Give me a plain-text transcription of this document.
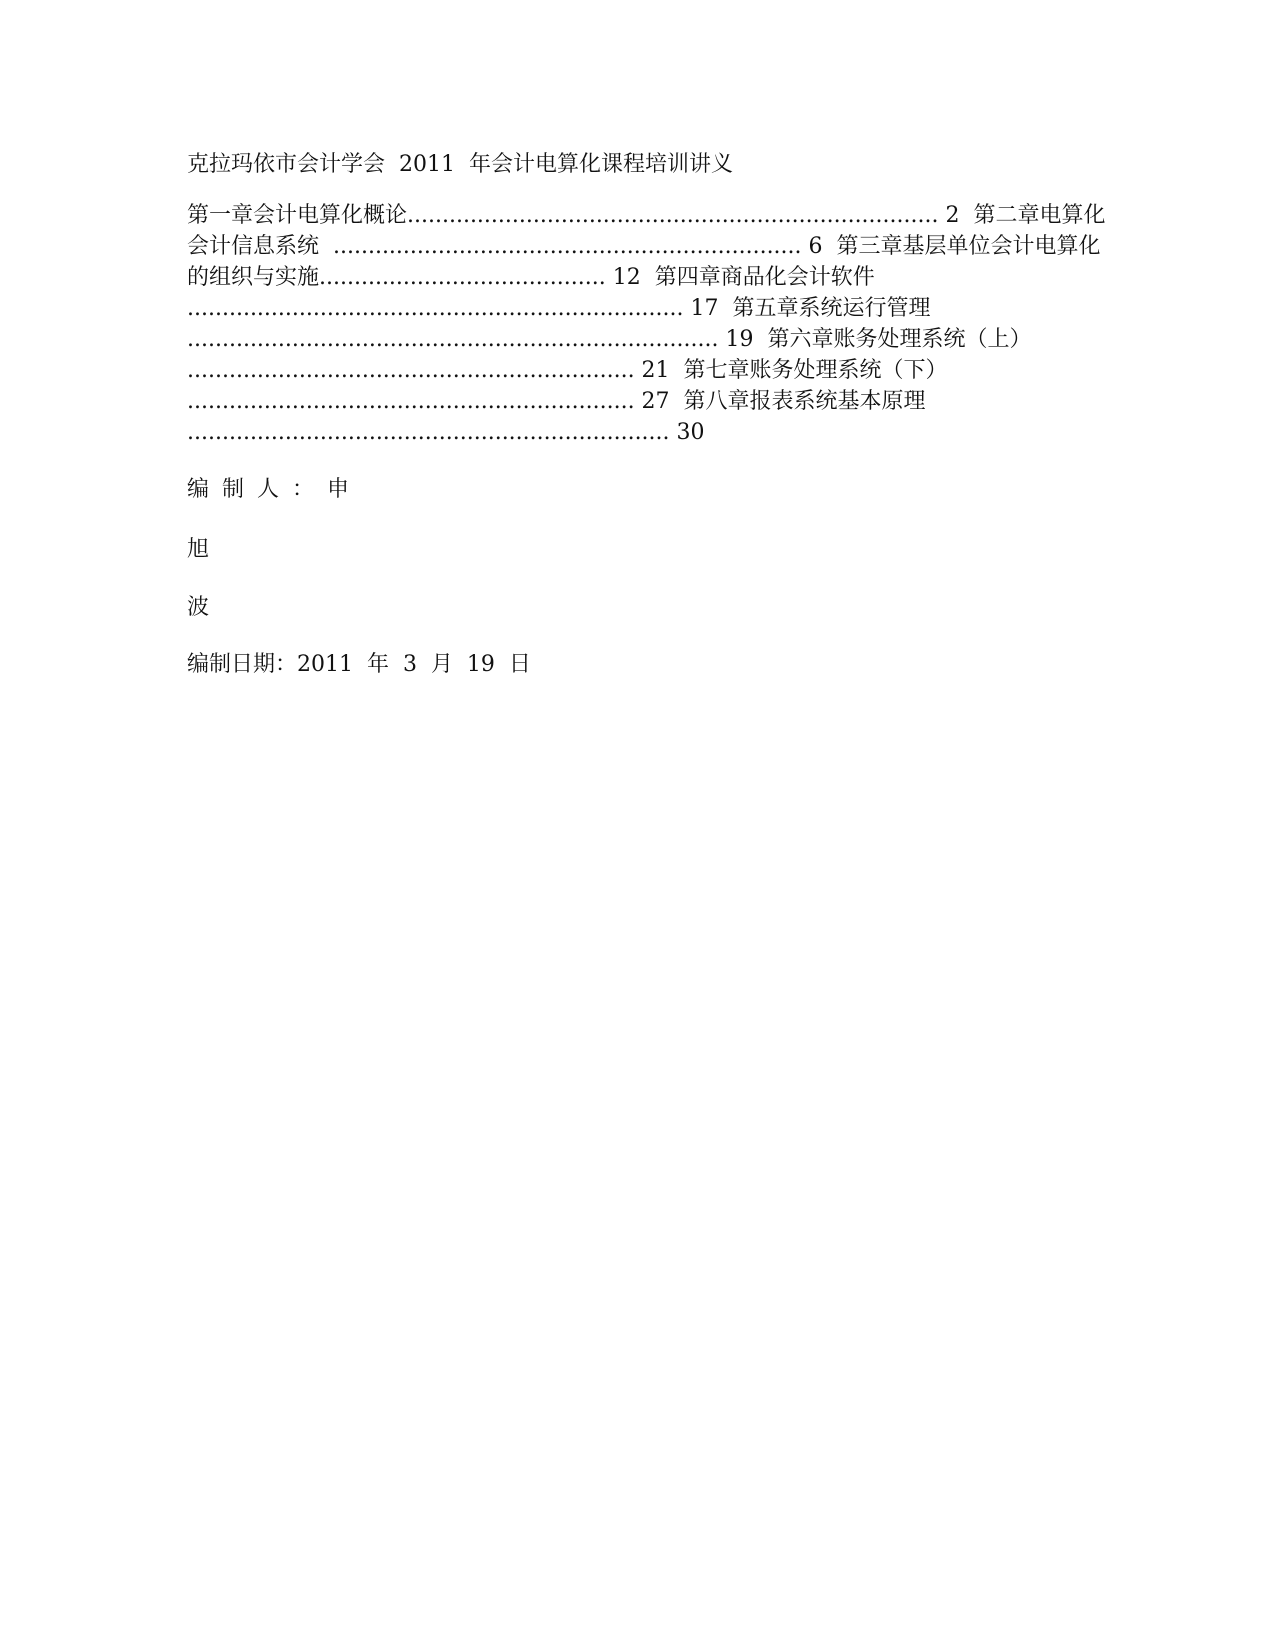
克拉玛依市会计学会  2011  年会计电算化课程培训讲义
第一章会计电算化概论............................................................................ 2  第二章电算化
会计信息系统  ................................................................... 6  第三章基层单位会计电算化
的组织与实施......................................... 12  第四章商品化会计软件
....................................................................... 17  第五章系统运行管理
............................................................................ 19  第六章账务处理系统（上）
................................................................ 21  第七章账务处理系统（下）
................................................................ 27  第八章报表系统基本原理
..................................................................... 30
编制人：申
旭
波
编制日期：2011  年  3  月  19  日
